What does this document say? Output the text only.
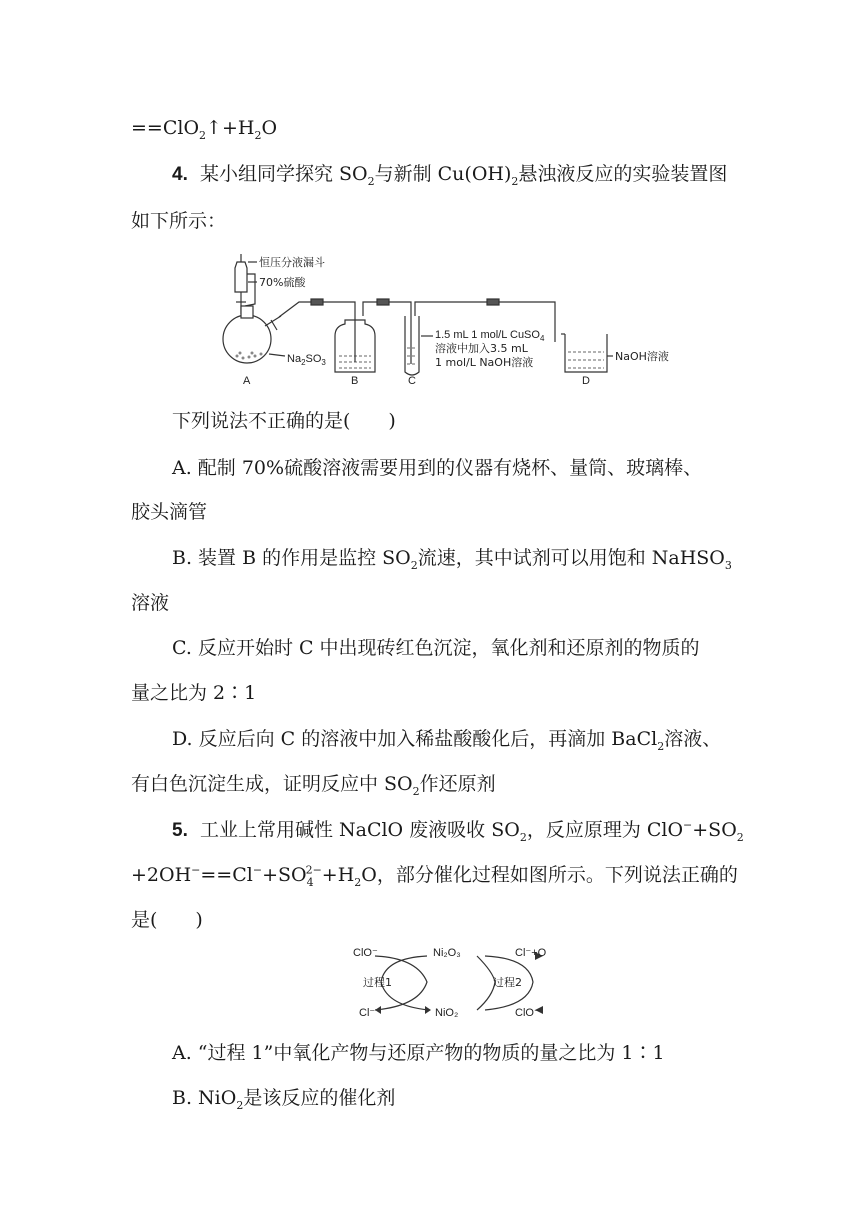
$==ClO_2↑+H_2O$
4. 某小组同学探究 $SO_2$与新制 $Cu(OH)_2$悬浊液反应的实验装置图
如下所示：
恒压分液漏斗
70%硫酸
$Na_2SO_3$
1.5 mL 1 mol/L CuSO$_4$
溶液中加入3.5 mL
1 mol/L NaOH溶液	NaOH溶液
A	B	C	D
下列说法不正确的是(　　)
A. 配制 70%硫酸溶液需要用到的仪器有烧杯、量筒、玻璃棒、
胶头滴管
B. 装置 B 的作用是监控 $SO_2$流速，其中试剂可以用饱和 NaHSO$_3$
溶液
C. 反应开始时 C 中出现砖红色沉淀，氧化剂和还原剂的物质的
量之比为 2∶1
D. 反应后向 C 的溶液中加入稀盐酸酸化后，再滴加 BaCl$_2$溶液、
有白色沉淀生成，证明反应中 $SO_2$作还原剂
5. 工业上常用碱性 NaClO 废液吸收 $SO_2$，反应原理为 $ClO^-+SO_2$
$+2OH^-==Cl^-+SO_4^{2-}+H_2O$，部分催化过程如图所示。下列说法正确的
是(　　)
ClO⁻
Cl⁻
Ni₂O₃
NiO₂
过程1	过程2
Cl⁻+O
ClO⁻
A. “过程 1”中氧化产物与还原产物的物质的量之比为 1∶1
B. NiO$_2$是该反应的催化剂
